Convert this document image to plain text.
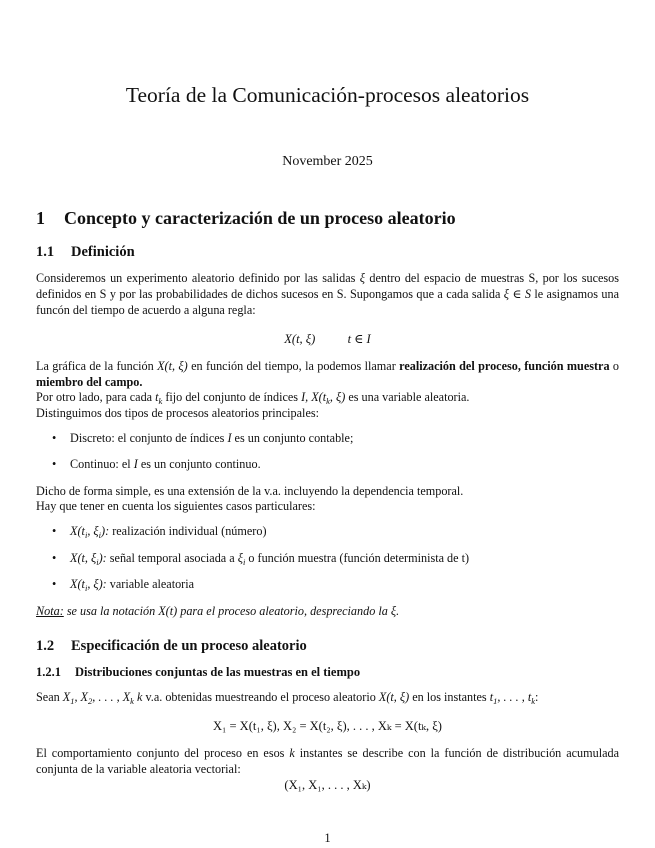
Teoría de la Comunicación-procesos aleatorios
November 2025
1 Concepto y caracterización de un proceso aleatorio
1.1 Definición
Consideremos un experimento aleatorio definido por las salidas ξ dentro del espacio de muestras S, por los sucesos definidos en S y por las probabilidades de dichos sucesos en S. Supongamos que a cada salida ξ ∈ S le asignamos una funcón del tiempo de acuerdo a alguna regla:
X(t, ξ)	t ∈ I
La gráfica de la función X(t, ξ) en función del tiempo, la podemos llamar realización del proceso, función muestra o miembro del campo.
Por otro lado, para cada $t_k$ fijo del conjunto de índices I, $X(t_k$, ξ) es una variable aleatoria.
Distinguimos dos tipos de procesos aleatorios principales:
• Discreto: el conjunto de índices I es un conjunto contable;
• Continuo: el I es un conjunto continuo.
Dicho de forma simple, es una extensión de la v.a. incluyendo la dependencia temporal.
Hay que tener en cuenta los siguientes casos particulares:
• $X(t_i$, $\xi_i$): realización individual (número)
• X(t, $\xi_i$): señal temporal asociada a $\xi_i$ o función muestra (función determinista de t)
• $X(t_i$, ξ): variable aleatoria
Nota: se usa la notación X(t) para el proceso aleatorio, despreciando la ξ.
1.2 Especificación de un proceso aleatorio
1.2.1 Distribuciones conjuntas de las muestras en el tiempo
Sean $X_1$, $X_2$, . . . , $X_k$ k v.a. obtenidas muestreando el proceso aleatorio X(t, ξ) en los instantes $t_1$, . . . , $t_k$:
X₁ = X(t₁, ξ), X₂ = X(t₂, ξ), . . . , Xₖ = X(tₖ, ξ)
El comportamiento conjunto del proceso en esos k instantes se describe con la función de distribución acumulada conjunta de la variable aleatoria vectorial:
(X₁, X₁, . . . , Xₖ)
1
